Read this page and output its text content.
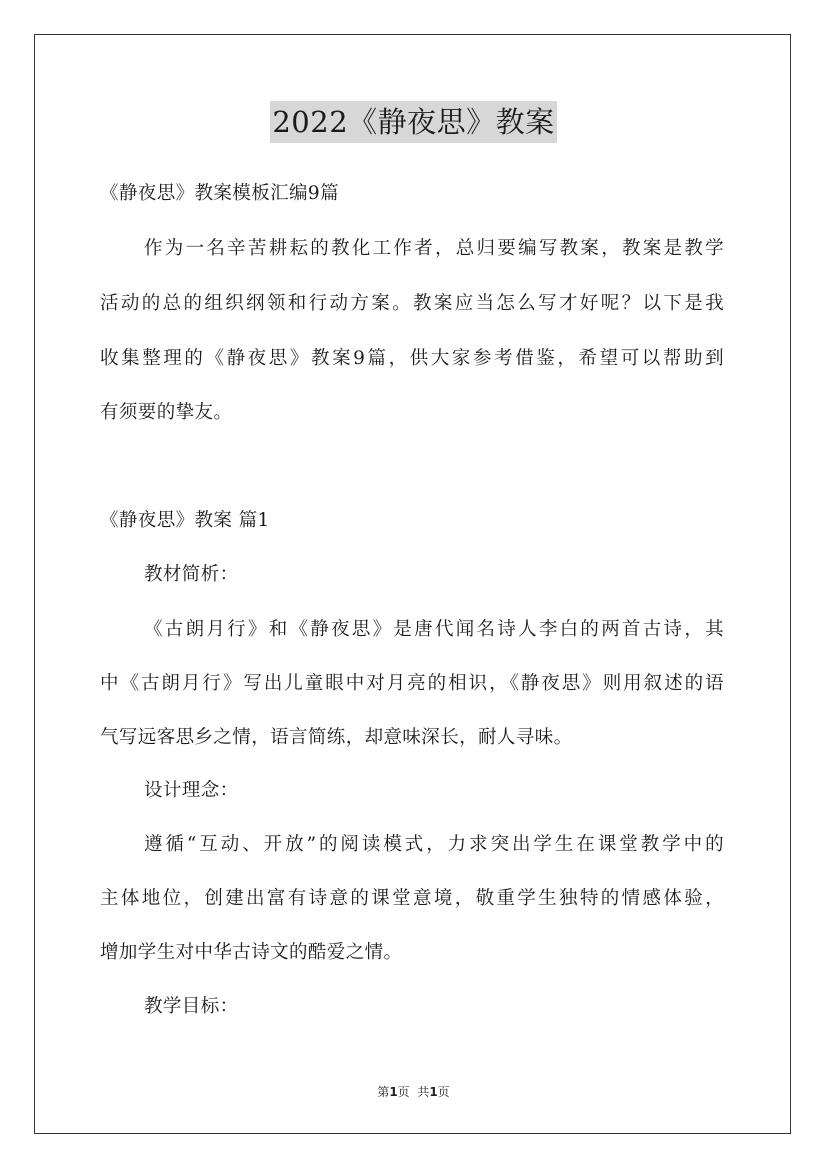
2022《静夜思》教案
《静夜思》教案模板汇编9篇
作为一名辛苦耕耘的教化工作者，总归要编写教案，教案是教学
活动的总的组织纲领和行动方案。教案应当怎么写才好呢？以下是我
收集整理的《静夜思》教案9篇，供大家参考借鉴，希望可以帮助到
有须要的挚友。
《静夜思》教案 篇1
教材简析：
《古朗月行》和《静夜思》是唐代闻名诗人李白的两首古诗，其
中《古朗月行》写出儿童眼中对月亮的相识，《静夜思》则用叙述的语
气写远客思乡之情，语言简练，却意味深长，耐人寻味。
设计理念：
遵循“互动、开放”的阅读模式，力求突出学生在课堂教学中的
主体地位，创建出富有诗意的课堂意境，敬重学生独特的情感体验，
增加学生对中华古诗文的酷爱之情。
教学目标：
第1页  共1页
